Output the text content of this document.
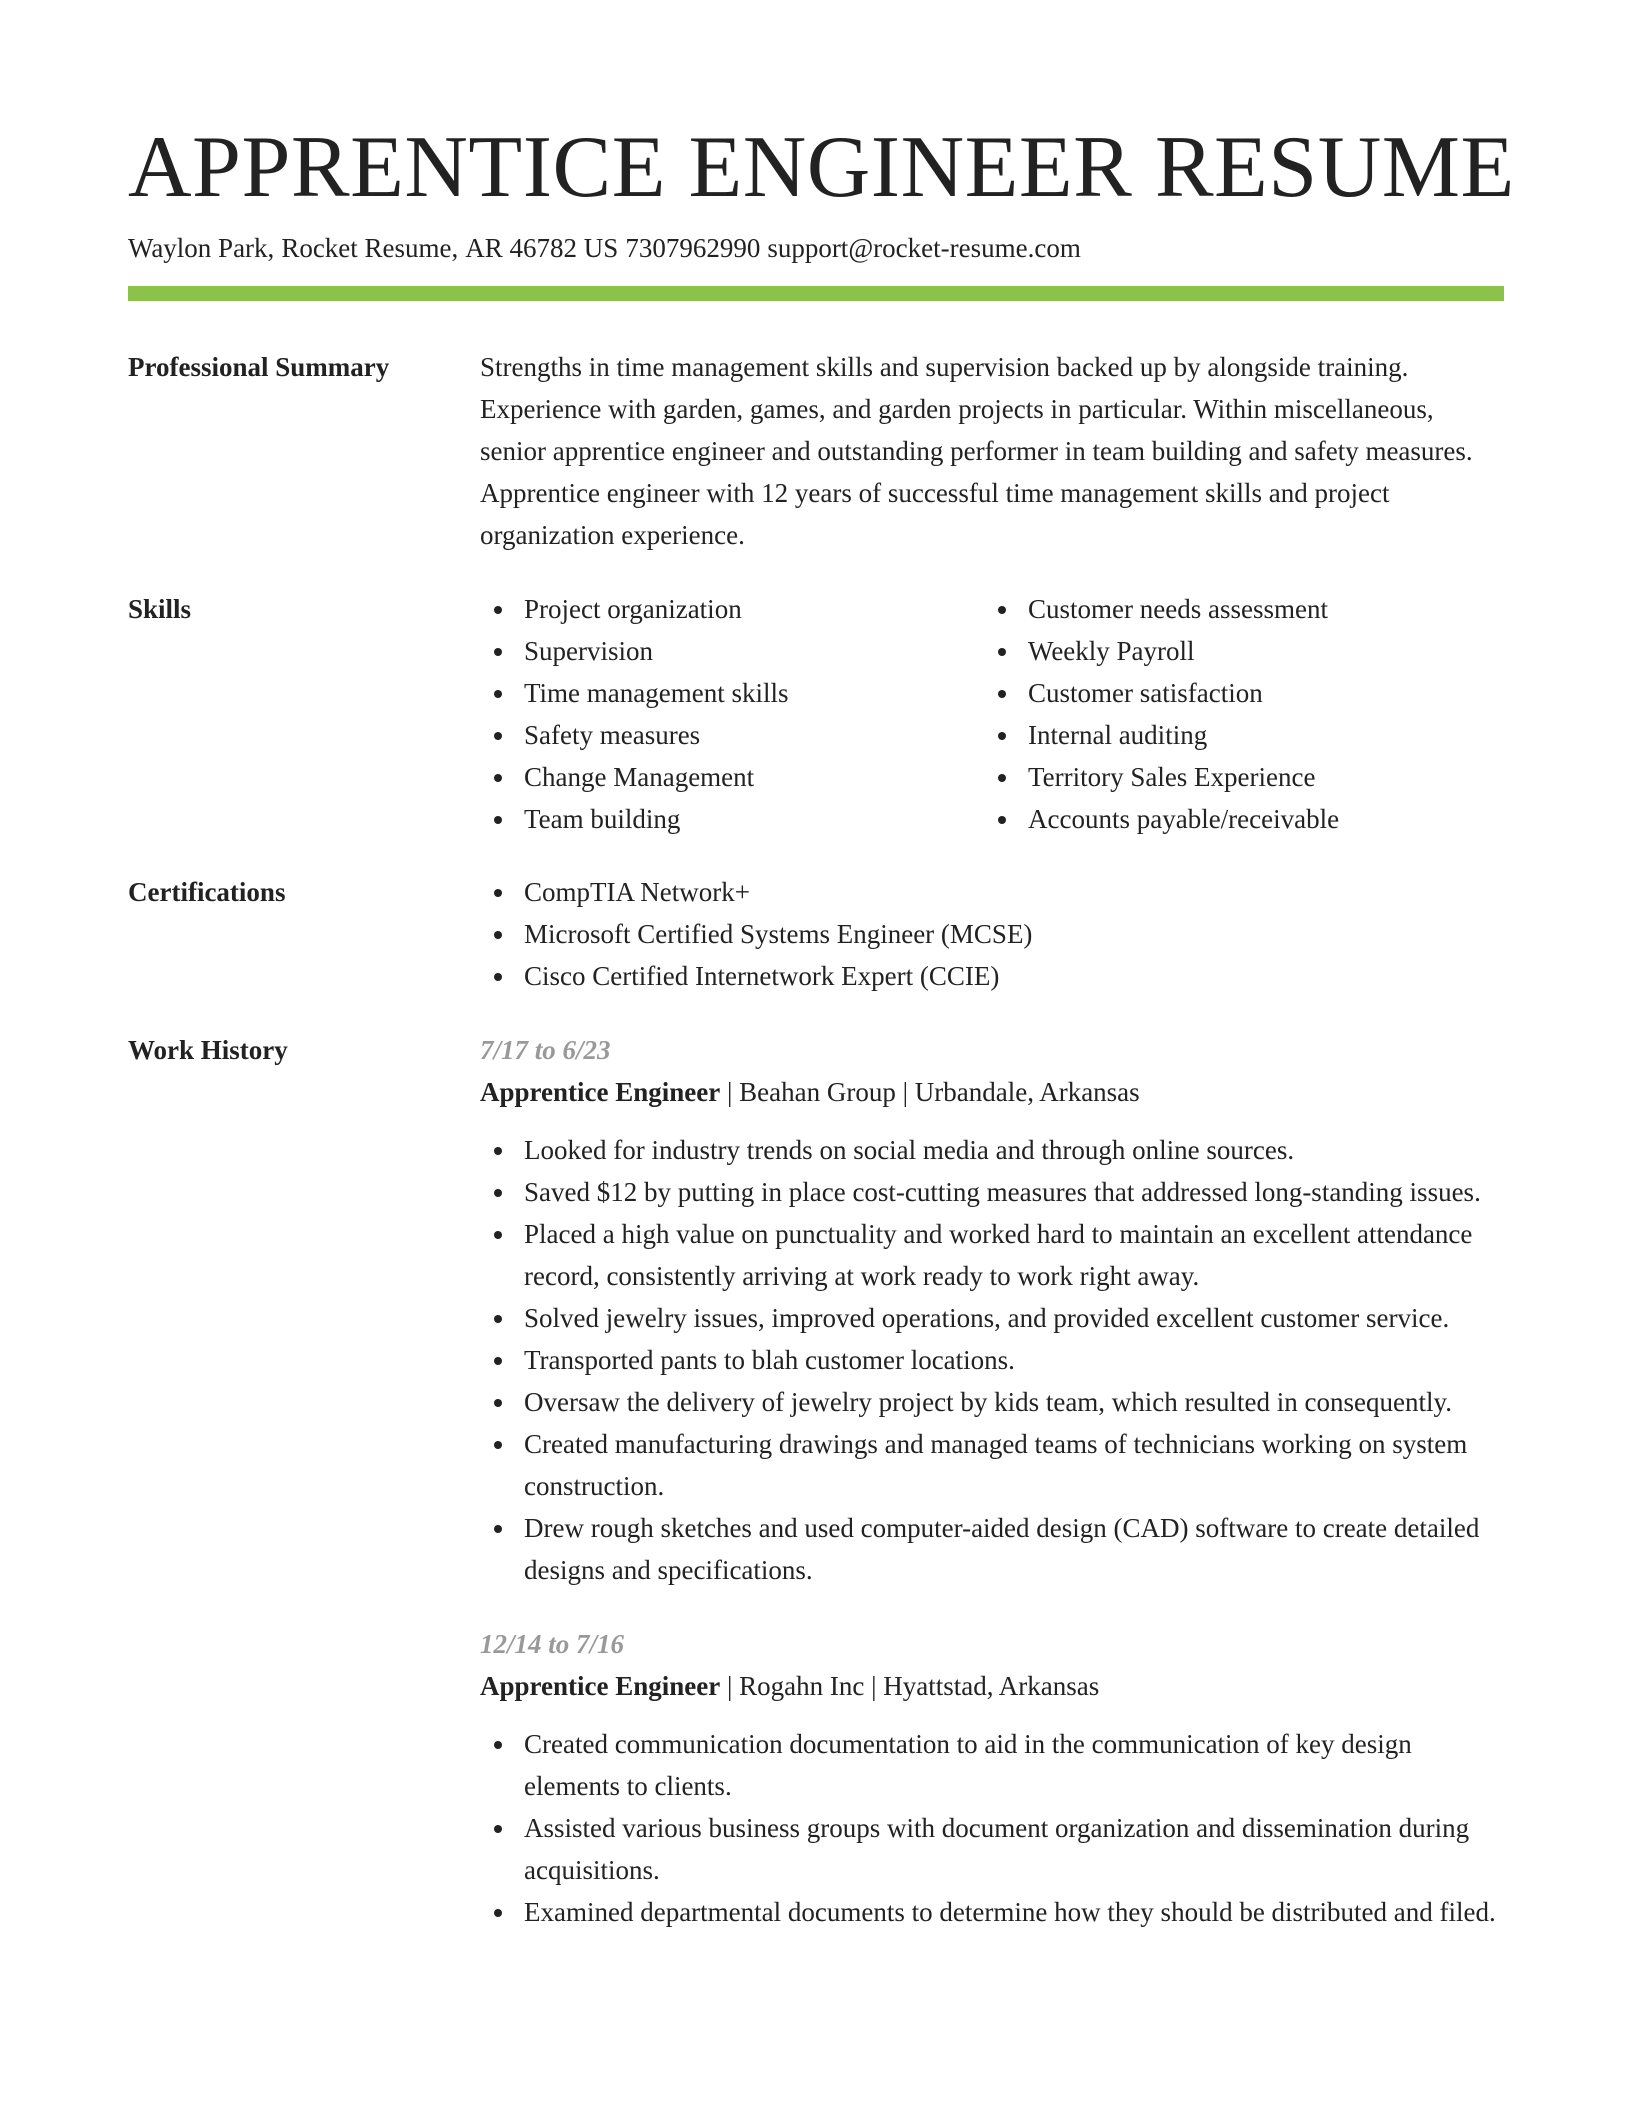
APPRENTICE ENGINEER RESUME
Waylon Park, Rocket Resume, AR 46782 US 7307962990 support@rocket-resume.com
Professional Summary	Strengths in time management skills and supervision backed up by alongside training. Experience with garden, games, and garden projects in particular. Within miscellaneous, senior apprentice engineer and outstanding performer in team building and safety measures. Apprentice engineer with 12 years of successful time management skills and project organization experience.

Skills	Project organization
Supervision
Time management skills
Safety measures
Change Management
Team building
Customer needs assessment
Weekly Payroll
Customer satisfaction
Internal auditing
Territory Sales Experience
Accounts payable/receivable
Certifications	CompTIA Network+
Microsoft Certified Systems Engineer (MCSE)
Cisco Certified Internetwork Expert (CCIE)
Work History	7/17 to 6/23
Apprentice Engineer | Beahan Group | Urbandale, Arkansas
Looked for industry trends on social media and through online sources.
Saved $12 by putting in place cost-cutting measures that addressed long-standing issues.
Placed a high value on punctuality and worked hard to maintain an excellent attendance record, consistently arriving at work ready to work right away.
Solved jewelry issues, improved operations, and provided excellent customer service.
Transported pants to blah customer locations.
Oversaw the delivery of jewelry project by kids team, which resulted in consequently.
Created manufacturing drawings and managed teams of technicians working on system construction.
Drew rough sketches and used computer-aided design (CAD) software to create detailed designs and specifications.
12/14 to 7/16
Apprentice Engineer | Rogahn Inc | Hyattstad, Arkansas
Created communication documentation to aid in the communication of key design elements to clients.
Assisted various business groups with document organization and dissemination during acquisitions.
Examined departmental documents to determine how they should be distributed and filed.
